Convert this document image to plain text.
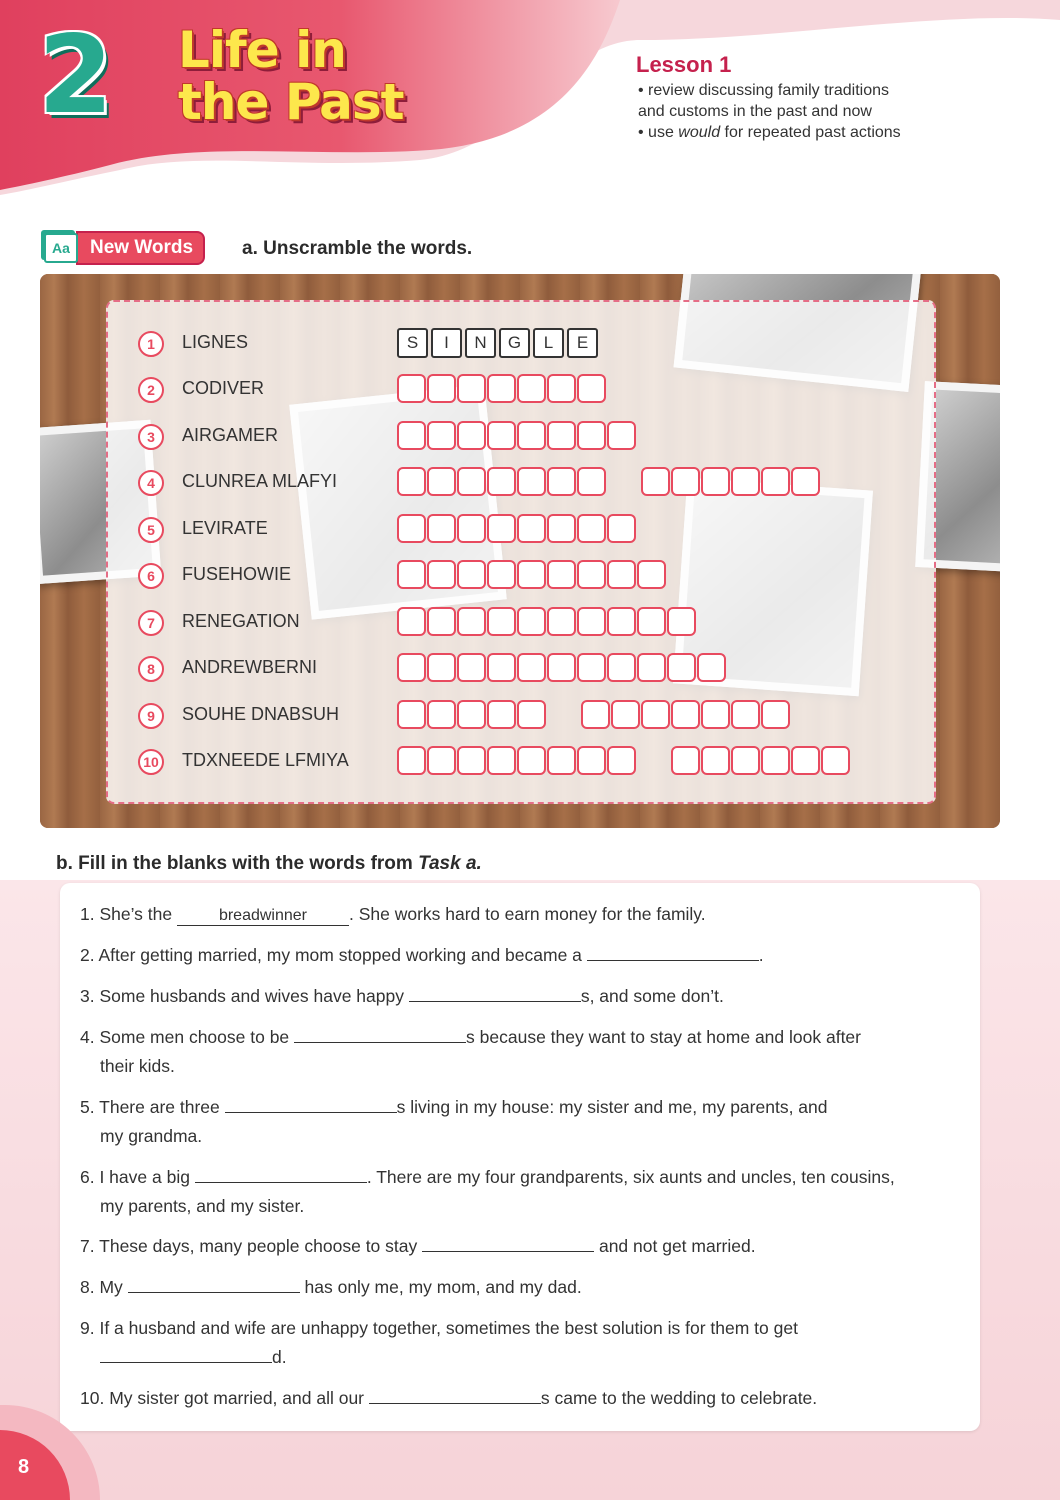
2 Life in
the Past
Lesson 1
• review discussing family traditions
and customs in the past and now
• use would for repeated past actions
Aa	New Words	a. Unscramble the words.
1	LIGNES	S	I	N	G	L	E
2	CODIVER
3	AIRGAMER
4	CLUNREA MLAFYI
5	LEVIRATE
6	FUSEHOWIE
7	RENEGATION
8	ANDREWBERNI
9	SOUHE DNABSUH
10 TDXNEEDE LFMIYA
b. Fill in the blanks with the words from Task a.
1. She’s the	breadwinner . She works hard to earn money for the family.
2. After getting married, my mom stopped working and became a	.
3. Some husbands and wives have happy	s, and some don’t.
4. Some men choose to be	s because they want to stay at home and look after
their kids.
5. There are three	s living in my house: my sister and me, my parents, and
my grandma.
6. I have a big	. There are my four grandparents, six aunts and uncles, ten cousins,
my parents, and my sister.
7. These days, many people choose to stay	and not get married.
8. My	has only me, my mom, and my dad.
9. If a husband and wife are unhappy together, sometimes the best solution is for them to get
d.
10. My sister got married, and all our	s came to the wedding to celebrate.
8
